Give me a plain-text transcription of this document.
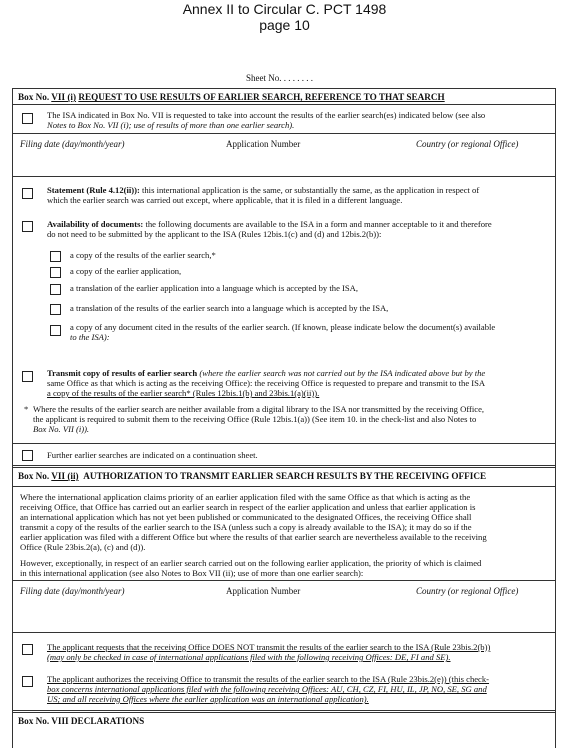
Annex II to Circular C. PCT 1498
page 10
Sheet No. . . . . . . .
Box No. VII (i) REQUEST TO USE RESULTS OF EARLIER SEARCH, REFERENCE TO THAT SEARCH
The ISA indicated in Box No. VII is requested to take into account the results of the earlier search(es) indicated below (see also
Notes to Box No. VII (i); use of results of more than one earlier search).
Filing date (day/month/year)	Application Number	Country (or regional Office)
Statement (Rule 4.12(ii)): this international application is the same, or substantially the same, as the application in respect of
which the earlier search was carried out except, where applicable, that it is filed in a different language.
Availability of documents: the following documents are available to the ISA in a form and manner acceptable to it and therefore
do not need to be submitted by the applicant to the ISA (Rules 12bis.1(c) and (d) and 12bis.2(b)):
a copy of the results of the earlier search,*
a copy of the earlier application,
a translation of the earlier application into a language which is accepted by the ISA,
a translation of the results of the earlier search into a language which is accepted by the ISA,
a copy of any document cited in the results of the earlier search. (If known, please indicate below the document(s) available
to the ISA):
Transmit copy of results of earlier search (where the earlier search was not carried out by the ISA indicated above but by the
same Office as that which is acting as the receiving Office): the receiving Office is requested to prepare and transmit to the ISA
a copy of the results of the earlier search* (Rules 12bis.1(b) and 23bis.1(a)(ii)).
* Where the results of the earlier search are neither available from a digital library to the ISA nor transmitted by the receiving Office,
the applicant is required to submit them to the receiving Office (Rule 12bis.1(a)) (See item 10. in the check-list and also Notes to
Box No. VII (i)).
Further earlier searches are indicated on a continuation sheet.
Box No. VII (ii) AUTHORIZATION TO TRANSMIT EARLIER SEARCH RESULTS BY THE RECEIVING OFFICE
Where the international application claims priority of an earlier application filed with the same Office as that which is acting as the
receiving Office, that Office has carried out an earlier search in respect of the earlier application and unless that earlier application is
an international application which has not yet been published or communicated to the designated Offices, the receiving Office shall
transmit a copy of the results of the earlier search to the ISA (unless such a copy is already available to the ISA); it may do so if the
earlier application was filed with a different Office but where the results of that earlier search are nevertheless available to the receiving
Office (Rule 23bis.2(a), (c) and (d)).
However, exceptionally, in respect of an earlier search carried out on the following earlier application, the priority of which is claimed
in this international application (see also Notes to Box VII (ii); use of more than one earlier search):
Filing date (day/month/year)	Application Number	Country (or regional Office)
The applicant requests that the receiving Office DOES NOT transmit the results of the earlier search to the ISA (Rule 23bis.2(b))
(may only be checked in case of international applications filed with the following receiving Offices: DE, FI and SE).
The applicant authorizes the receiving Office to transmit the results of the earlier search to the ISA (Rule 23bis.2(e)) (this check-
box concerns international applications filed with the following receiving Offices: AU, CH, CZ, FI, HU, IL, JP, NO, SE, SG and
US; and all receiving Offices where the earlier application was an international application).
Box No. VIII DECLARATIONS
